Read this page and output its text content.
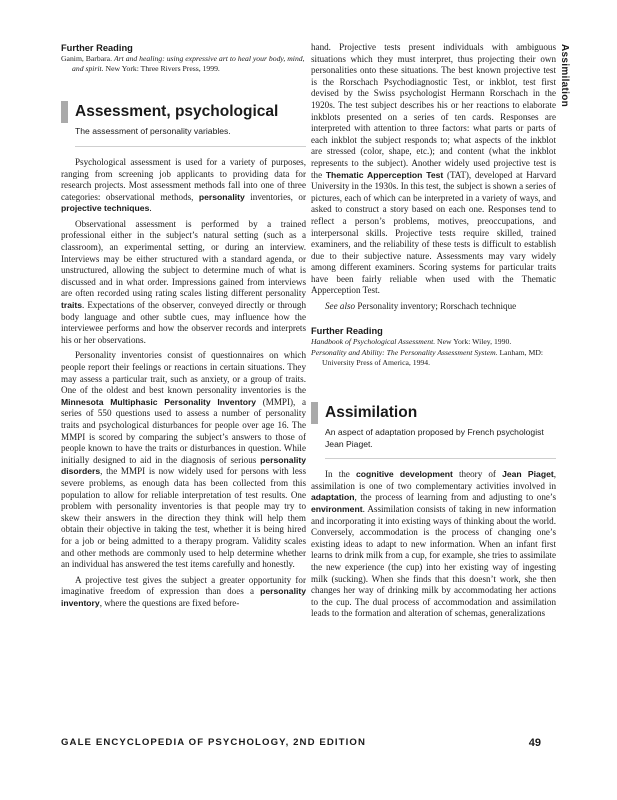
Assimilation
Further Reading

Ganim, Barbara. Art and healing: using expressive art to heal your body, mind, and spirit. New York: Three Rivers Press, 1999.

Assessment, psychological
The assessment of personality variables.

Psychological assessment is used for a variety of purposes, ranging from screening job applicants to providing data for research projects. Most assessment methods fall into one of three categories: observational methods, personality inventories, or projective techniques.

Observational assessment is performed by a trained professional either in the subject’s natural setting (such as a classroom), an experimental setting, or during an interview. Interviews may be either structured with a standard agenda, or unstructured, allowing the subject to determine much of what is discussed and in what order. Impressions gained from interviews are often recorded using rating scales listing different personality traits. Expectations of the observer, conveyed directly or through body language and other subtle cues, may influence how the interviewee performs and how the observer records and interprets his or her observations.

Personality inventories consist of questionnaires on which people report their feelings or reactions in certain situations. They may assess a particular trait, such as anxiety, or a group of traits. One of the oldest and best known personality inventories is the Minnesota Multiphasic Personality Inventory (MMPI), a series of 550 questions used to assess a number of personality traits and psychological disturbances for people over age 16. The MMPI is scored by comparing the subject’s answers to those of people known to have the traits or disturbances in question. While initially designed to aid in the diagnosis of serious personality disorders, the MMPI is now widely used for persons with less severe problems, as enough data has been collected from this population to allow for reliable interpretation of test results. One problem with personality inventories is that people may try to skew their answers in the direction they think will help them obtain their objective in taking the test, whether it is being hired for a job or being admitted to a therapy program. Validity scales and other methods are commonly used to help determine whether an individual has answered the test items carefully and honestly.

A projective test gives the subject a greater opportunity for imaginative freedom of expression than does a personality inventory, where the questions are fixed before-

hand. Projective tests present individuals with ambiguous situations which they must interpret, thus projecting their own personalities onto these situations. The best known projective test is the Rorschach Psychodiagnostic Test, or inkblot, test first devised by the Swiss psychologist Hermann Rorschach in the 1920s. The test subject describes his or her reactions to elaborate inkblots presented on a series of ten cards. Responses are interpreted with attention to three factors: what parts or parts of each inkblot the subject responds to; what aspects of the inkblot are stressed (color, shape, etc.); and content (what the inkblot represents to the subject). Another widely used projective test is the Thematic Apperception Test (TAT), developed at Harvard University in the 1930s. In this test, the subject is shown a series of pictures, each of which can be interpreted in a variety of ways, and asked to construct a story based on each one. Responses tend to reflect a person’s problems, motives, preoccupations, and interpersonal skills. Projective tests require skilled, trained examiners, and the reliability of these tests is difficult to establish due to their subjective nature. Assessments may vary widely among different examiners. Scoring systems for particular traits have been fairly reliable when used with the Thematic Apperception Test.

See also Personality inventory; Rorschach technique

Further Reading

Handbook of Psychological Assessment. New York: Wiley, 1990.

Personality and Ability: The Personality Assessment System. Lanham, MD: University Press of America, 1994.

Assimilation
An aspect of adaptation proposed by French psychologist Jean Piaget.

In the cognitive development theory of Jean Piaget, assimilation is one of two complementary activities involved in adaptation, the process of learning from and adjusting to one’s environment. Assimilation consists of taking in new information and incorporating it into existing ways of thinking about the world. Conversely, accommodation is the process of changing one’s existing ideas to adapt to new information. When an infant first learns to drink milk from a cup, for example, she tries to assimilate the new experience (the cup) into her existing way of ingesting milk (sucking). When she finds that this doesn’t work, she then changes her way of drinking milk by accommodating her actions to the cup. The dual process of accommodation and assimilation leads to the formation and alteration of schemas, generalizations

GALE ENCYCLOPEDIA OF PSYCHOLOGY, 2ND EDITION	49
